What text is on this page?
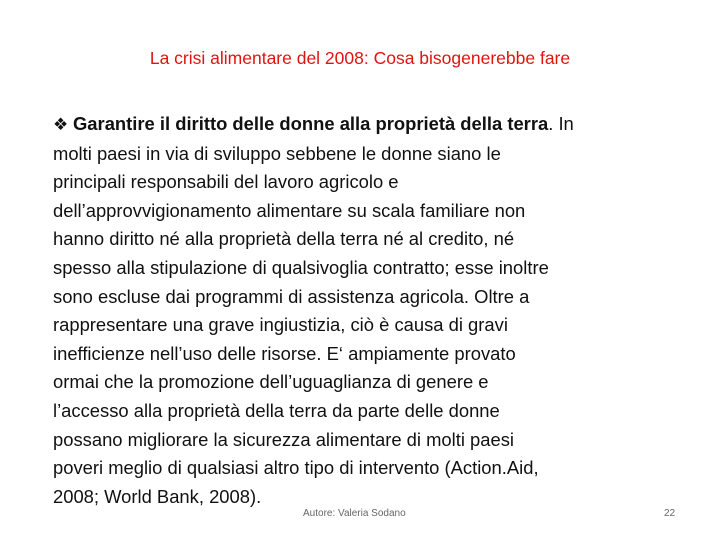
La crisi alimentare del 2008: Cosa bisogenerebbe fare
❖ Garantire il diritto delle donne alla proprietà della terra. In
molti paesi in via di sviluppo sebbene le donne siano le
principali responsabili del lavoro agricolo e
dell’approvvigionamento alimentare su scala familiare non
hanno diritto né alla proprietà della terra né al credito, né
spesso alla stipulazione di qualsivoglia contratto; esse inoltre
sono escluse dai programmi di assistenza agricola. Oltre a
rappresentare una grave ingiustizia, ciò è causa di gravi
inefficienze nell’uso delle risorse. E‘ ampiamente provato
ormai che la promozione dell’uguaglianza di genere e
l’accesso alla proprietà della terra da parte delle donne
possano migliorare la sicurezza alimentare di molti paesi
poveri meglio di qualsiasi altro tipo di intervento (Action.Aid,
2008; World Bank, 2008).
Autore: Valeria Sodano	22
